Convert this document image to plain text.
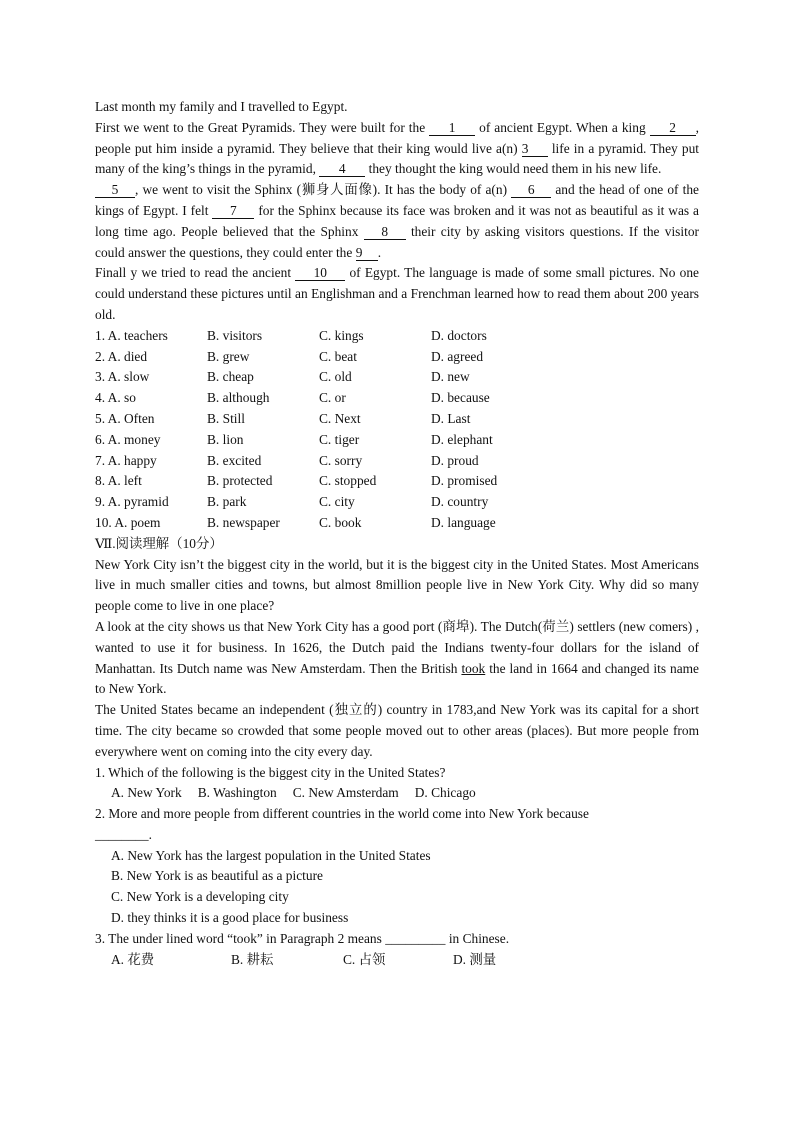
Last month my family and I travelled to Egypt.
First we went to the Great Pyramids. They were built for the 1 of ancient Egypt. When a king 2 , people put him inside a pyramid. They believe that their king would live a(n) 3 life in a pyramid. They put many of the king’s things in the pyramid, 4 they thought the king would need them in his new life.
5 , we went to visit the Sphinx (狮身人面像). It has the body of a(n) 6 and the head of one of the kings of Egypt. I felt 7 for the Sphinx because its face was broken and it was not as beautiful as it was a long time ago. People believed that the Sphinx 8 their city by asking visitors questions. If the visitor could answer the questions, they could enter the 9 .
Finall y we tried to read the ancient 10 of Egypt. The language is made of some small pictures. No one could understand these pictures until an Englishman and a Frenchman learned how to read them about 200 years old.
1. A. teachers	B. visitors	C. kings	D. doctors
2. A. died	B. grew	C. beat	D. agreed
3. A. slow	B. cheap	C. old	D. new
4. A. so	B. although	C. or	D. because
5. A. Often	B. Still	C. Next	D. Last
6. A. money	B. lion	C. tiger	D. elephant
7. A. happy	B. excited	C. sorry	D. proud
8. A. left	B. protected	C. stopped	D. promised
9. A. pyramid	B. park	C. city	D. country
10. A. poem	B. newspaper	C. book	D. language
Ⅶ.阅读理解（10分）
New York City isn’t the biggest city in the world, but it is the biggest city in the United States. Most Americans live in much smaller cities and towns, but almost 8million people live in New York City. Why did so many people come to live in one place?
A look at the city shows us that New York City has a good port (商埠). The Dutch(荷兰) settlers (new comers) , wanted to use it for business. In 1626, the Dutch paid the Indians twenty-four dollars for the island of Manhattan. Its Dutch name was New Amsterdam. Then the British took the land in 1664 and changed its name to New York.
The United States became an independent (独立的) country in 1783,and New York was its capital for a short time. The city became so crowded that some people moved out to other areas (places). But more people from everywhere went on coming into the city every day.
1. Which of the following is the biggest city in the United States?
A. New York B. Washington C. New Amsterdam D. Chicago
2. More and more people from different countries in the world come into New York because
________.
A. New York has the largest population in the United States
B. New York is as beautiful as a picture
C. New York is a developing city
D. they thinks it is a good place for business
3. The under lined word “took” in Paragraph 2 means _________ in Chinese.
A. 花费	B. 耕耘	C. 占领	D. 测量
